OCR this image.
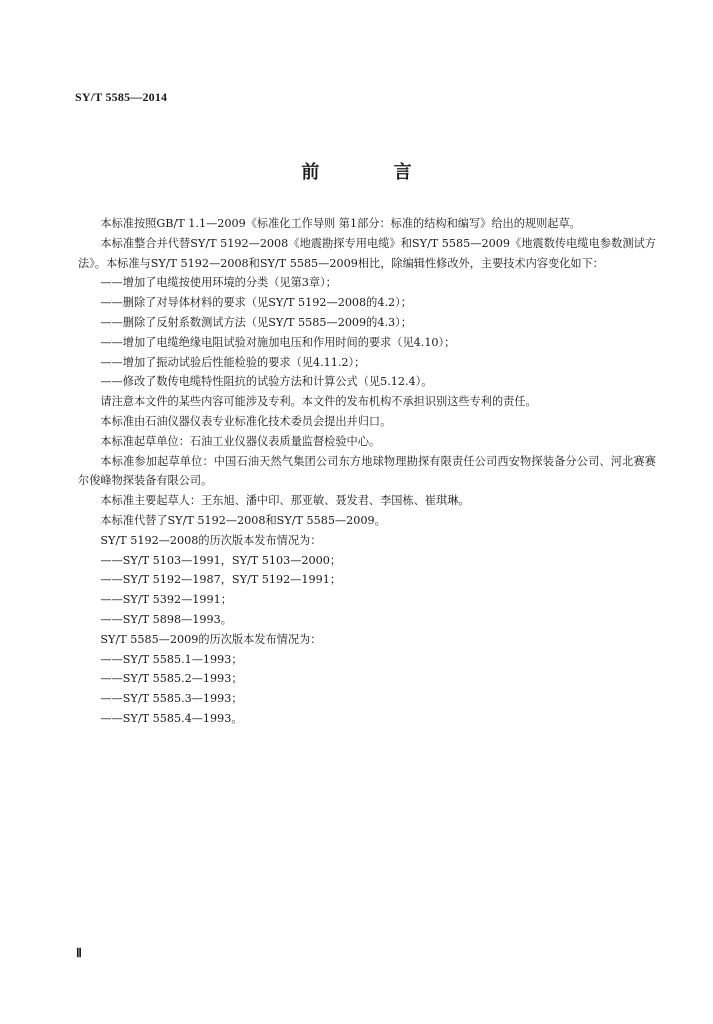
SY/T 5585—2014
前 言

本标准按照GB/T 1.1—2009《标准化工作导则 第1部分：标准的结构和编写》给出的规则起草。

本标准整合并代替SY/T 5192—2008《地震勘探专用电缆》和SY/T 5585—2009《地震数传电缆电参数测试方法》。本标准与SY/T 5192—2008和SY/T 5585—2009相比，除编辑性修改外，主要技术内容变化如下：

——增加了电缆按使用环境的分类（见第3章）；
——删除了对导体材料的要求（见SY/T 5192—2008的4.2）；
——删除了反射系数测试方法（见SY/T 5585—2009的4.3）；
——增加了电缆绝缘电阻试验对施加电压和作用时间的要求（见4.10）；
——增加了振动试验后性能检验的要求（见4.11.2）；
——修改了数传电缆特性阻抗的试验方法和计算公式（见5.12.4）。

请注意本文件的某些内容可能涉及专利。本文件的发布机构不承担识别这些专利的责任。

本标准由石油仪器仪表专业标准化技术委员会提出并归口。

本标准起草单位：石油工业仪器仪表质量监督检验中心。

本标准参加起草单位：中国石油天然气集团公司东方地球物理勘探有限责任公司西安物探装备分公司、河北赛赛尔俊峰物探装备有限公司。

本标准主要起草人：王东旭、潘中印、那亚敏、聂发君、李国栋、崔琪琳。

本标准代替了SY/T 5192—2008和SY/T 5585—2009。

SY/T 5192—2008的历次版本发布情况为：

——SY/T 5103—1991，SY/T 5103—2000；
——SY/T 5192—1987，SY/T 5192—1991；
——SY/T 5392—1991；
——SY/T 5898—1993。

SY/T 5585—2009的历次版本发布情况为：

——SY/T 5585.1—1993；
——SY/T 5585.2—1993；
——SY/T 5585.3—1993；
——SY/T 5585.4—1993。
Ⅱ
